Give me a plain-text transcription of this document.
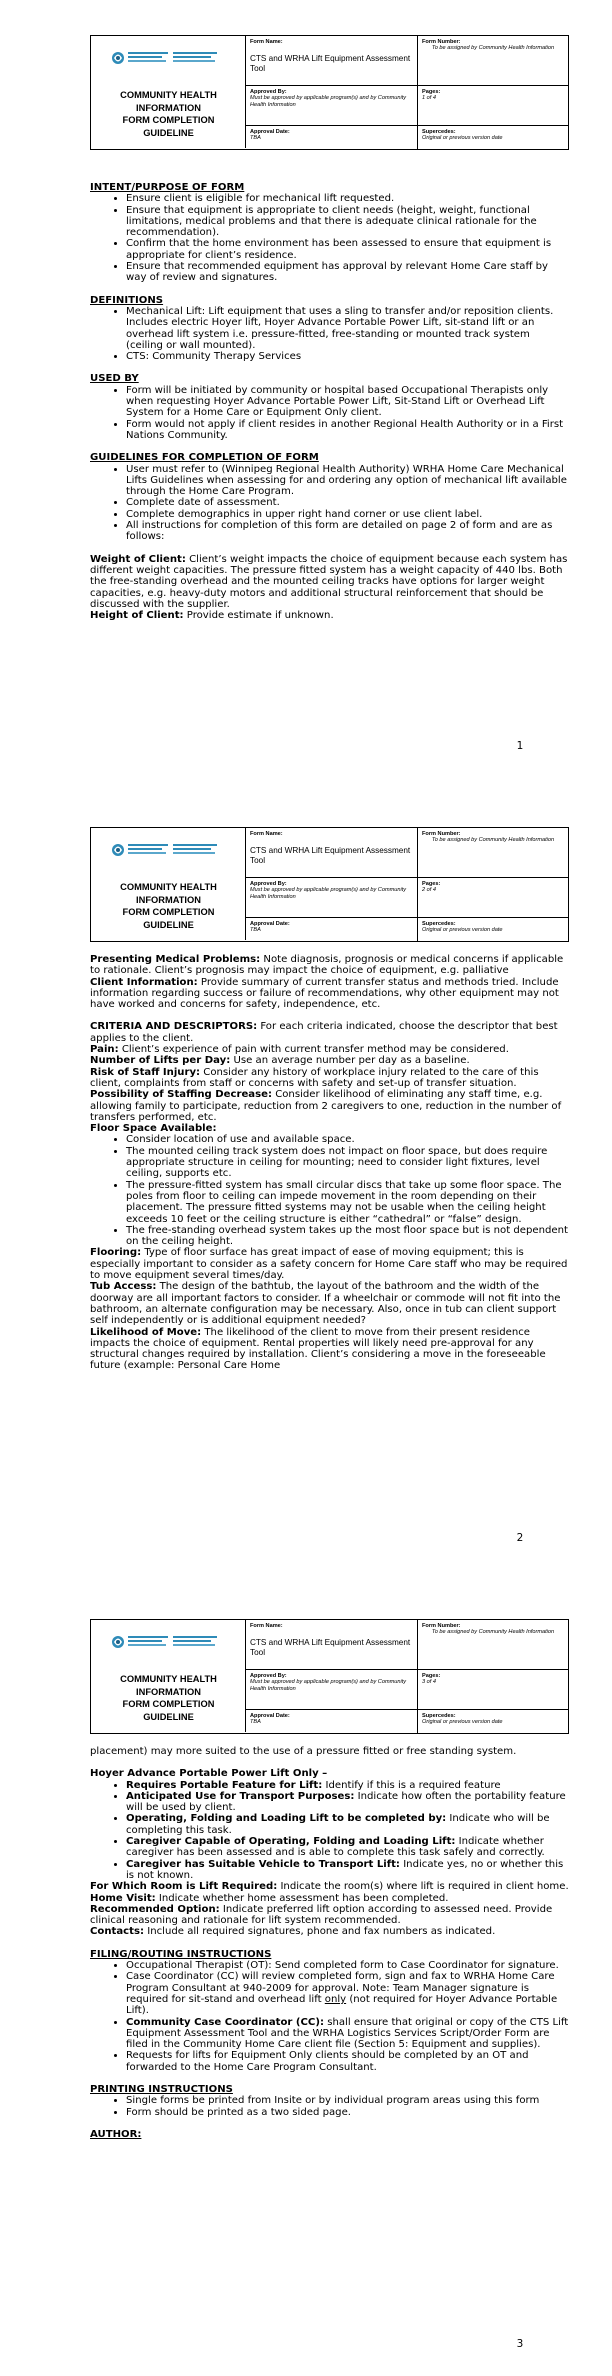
COMMUNITY HEALTH
INFORMATION
FORM COMPLETION
GUIDELINE
Form Name:
CTS and WRHA Lift Equipment Assessment Tool
Form Number:
To be assigned by Community Health Information
Approved By:
Must be approved by applicable program(s) and by Community Health Information
Pages:
1 of 4
Approval Date:
TBA
Supercedes:
Original or previous version date

INTENT/PURPOSE OF FORM

• Ensure client is eligible for mechanical lift requested.
• Ensure that equipment is appropriate to client needs (height, weight, functional limitations, medical problems and that there is adequate clinical rationale for the recommendation).
• Confirm that the home environment has been assessed to ensure that equipment is appropriate for client’s residence.
• Ensure that recommended equipment has approval by relevant Home Care staff by way of review and signatures.

DEFINITIONS

• Mechanical Lift: Lift equipment that uses a sling to transfer and/or reposition clients. Includes electric Hoyer lift, Hoyer Advance Portable Power Lift, sit-stand lift or an overhead lift system i.e. pressure-fitted, free-standing or mounted track system (ceiling or wall mounted).
• CTS: Community Therapy Services

USED BY

• Form will be initiated by community or hospital based Occupational Therapists only when requesting Hoyer Advance Portable Power Lift, Sit-Stand Lift or Overhead Lift System for a Home Care or Equipment Only client.
• Form would not apply if client resides in another Regional Health Authority or in a First Nations Community.

GUIDELINES FOR COMPLETION OF FORM

• User must refer to (Winnipeg Regional Health Authority) WRHA Home Care Mechanical Lifts Guidelines when assessing for and ordering any option of mechanical lift available through the Home Care Program.
• Complete date of assessment.
• Complete demographics in upper right hand corner or use client label.
• All instructions for completion of this form are detailed on page 2 of form and are as follows:

Weight of Client: Client’s weight impacts the choice of equipment because each system has different weight capacities. The pressure fitted system has a weight capacity of 440 lbs. Both the free-standing overhead and the mounted ceiling tracks have options for larger weight capacities, e.g. heavy-duty motors and additional structural reinforcement that should be discussed with the supplier.

Height of Client: Provide estimate if unknown.

1
COMMUNITY HEALTH
INFORMATION
FORM COMPLETION
GUIDELINE
Form Name:
CTS and WRHA Lift Equipment Assessment Tool
Form Number:
To be assigned by Community Health Information
Approved By:
Must be approved by applicable program(s) and by Community Health Information
Pages:
2 of 4
Approval Date:
TBA
Supercedes:
Original or previous version date

Presenting Medical Problems: Note diagnosis, prognosis or medical concerns if applicable to rationale. Client’s prognosis may impact the choice of equipment, e.g. palliative

Client Information: Provide summary of current transfer status and methods tried. Include information regarding success or failure of recommendations, why other equipment may not have worked and concerns for safety, independence, etc.

CRITERIA AND DESCRIPTORS: For each criteria indicated, choose the descriptor that best applies to the client.

Pain: Client’s experience of pain with current transfer method may be considered.

Number of Lifts per Day: Use an average number per day as a baseline.

Risk of Staff Injury: Consider any history of workplace injury related to the care of this client, complaints from staff or concerns with safety and set-up of transfer situation.

Possibility of Staffing Decrease: Consider likelihood of eliminating any staff time, e.g. allowing family to participate, reduction from 2 caregivers to one, reduction in the number of transfers performed, etc.

Floor Space Available:

• Consider location of use and available space.
• The mounted ceiling track system does not impact on floor space, but does require appropriate structure in ceiling for mounting; need to consider light fixtures, level ceiling, supports etc.
• The pressure-fitted system has small circular discs that take up some floor space. The poles from floor to ceiling can impede movement in the room depending on their placement. The pressure fitted systems may not be usable when the ceiling height exceeds 10 feet or the ceiling structure is either “cathedral” or “false” design.
• The free-standing overhead system takes up the most floor space but is not dependent on the ceiling height.

Flooring: Type of floor surface has great impact of ease of moving equipment; this is especially important to consider as a safety concern for Home Care staff who may be required to move equipment several times/day.

Tub Access: The design of the bathtub, the layout of the bathroom and the width of the doorway are all important factors to consider. If a wheelchair or commode will not fit into the bathroom, an alternate configuration may be necessary. Also, once in tub can client support self independently or is additional equipment needed?

Likelihood of Move: The likelihood of the client to move from their present residence impacts the choice of equipment. Rental properties will likely need pre-approval for any structural changes required by installation. Client’s considering a move in the foreseeable future (example: Personal Care Home

2
COMMUNITY HEALTH
INFORMATION
FORM COMPLETION
GUIDELINE
Form Name:
CTS and WRHA Lift Equipment Assessment Tool
Form Number:
To be assigned by Community Health Information
Approved By:
Must be approved by applicable program(s) and by Community Health Information
Pages:
3 of 4
Approval Date:
TBA
Supercedes:
Original or previous version date

placement) may more suited to the use of a pressure fitted or free standing system.

Hoyer Advance Portable Power Lift Only –

• Requires Portable Feature for Lift: Identify if this is a required feature
• Anticipated Use for Transport Purposes: Indicate how often the portability feature will be used by client.
• Operating, Folding and Loading Lift to be completed by: Indicate who will be completing this task.
• Caregiver Capable of Operating, Folding and Loading Lift: Indicate whether caregiver has been assessed and is able to complete this task safely and correctly.
• Caregiver has Suitable Vehicle to Transport Lift: Indicate yes, no or whether this is not known.

For Which Room is Lift Required: Indicate the room(s) where lift is required in client home.

Home Visit: Indicate whether home assessment has been completed.

Recommended Option: Indicate preferred lift option according to assessed need. Provide clinical reasoning and rationale for lift system recommended.

Contacts: Include all required signatures, phone and fax numbers as indicated.

FILING/ROUTING INSTRUCTIONS

• Occupational Therapist (OT): Send completed form to Case Coordinator for signature.
• Case Coordinator (CC) will review completed form, sign and fax to WRHA Home Care Program Consultant at 940-2009 for approval. Note: Team Manager signature is required for sit-stand and overhead lift only (not required for Hoyer Advance Portable Lift).
• Community Case Coordinator (CC): shall ensure that original or copy of the CTS Lift Equipment Assessment Tool and the WRHA Logistics Services Script/Order Form are filed in the Community Home Care client file (Section 5: Equipment and supplies).
• Requests for lifts for Equipment Only clients should be completed by an OT and forwarded to the Home Care Program Consultant.

PRINTING INSTRUCTIONS

• Single forms be printed from Insite or by individual program areas using this form
• Form should be printed as a two sided page.

AUTHOR:

3
